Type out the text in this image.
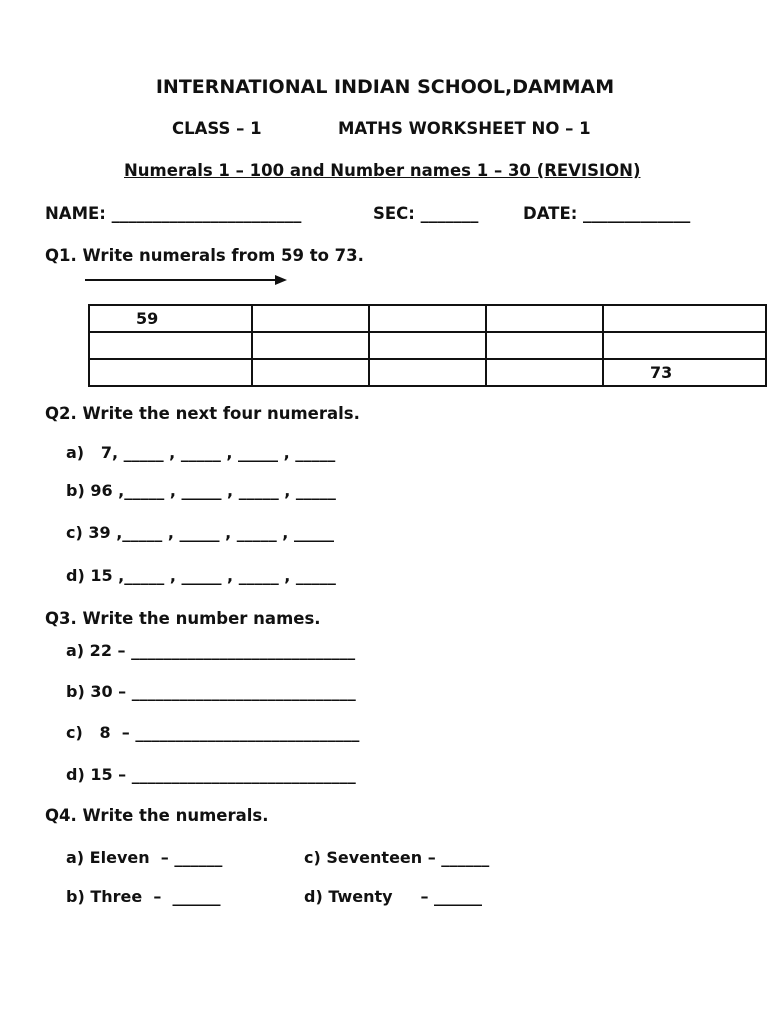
INTERNATIONAL INDIAN SCHOOL,DAMMAM
CLASS – 1	MATHS WORKSHEET NO – 1
Numerals 1 – 100 and Number names 1 – 30 (REVISION)
NAME: _______________________	SEC: _______	DATE: _____________
Q1. Write numerals from 59 to 73.
59				

				73
Q2. Write the next four numerals.
a)   7, _____ , _____ , _____ , _____
b) 96 ,_____ , _____ , _____ , _____
c) 39 ,_____ , _____ , _____ , _____
d) 15 ,_____ , _____ , _____ , _____
Q3. Write the number names.
a) 22 – ____________________________
b) 30 – ____________________________
c)   8  – ____________________________
d) 15 – ____________________________
Q4. Write the numerals.
a) Eleven  – ______	c) Seventeen – ______
b) Three  –  ______	d) Twenty     – ______
